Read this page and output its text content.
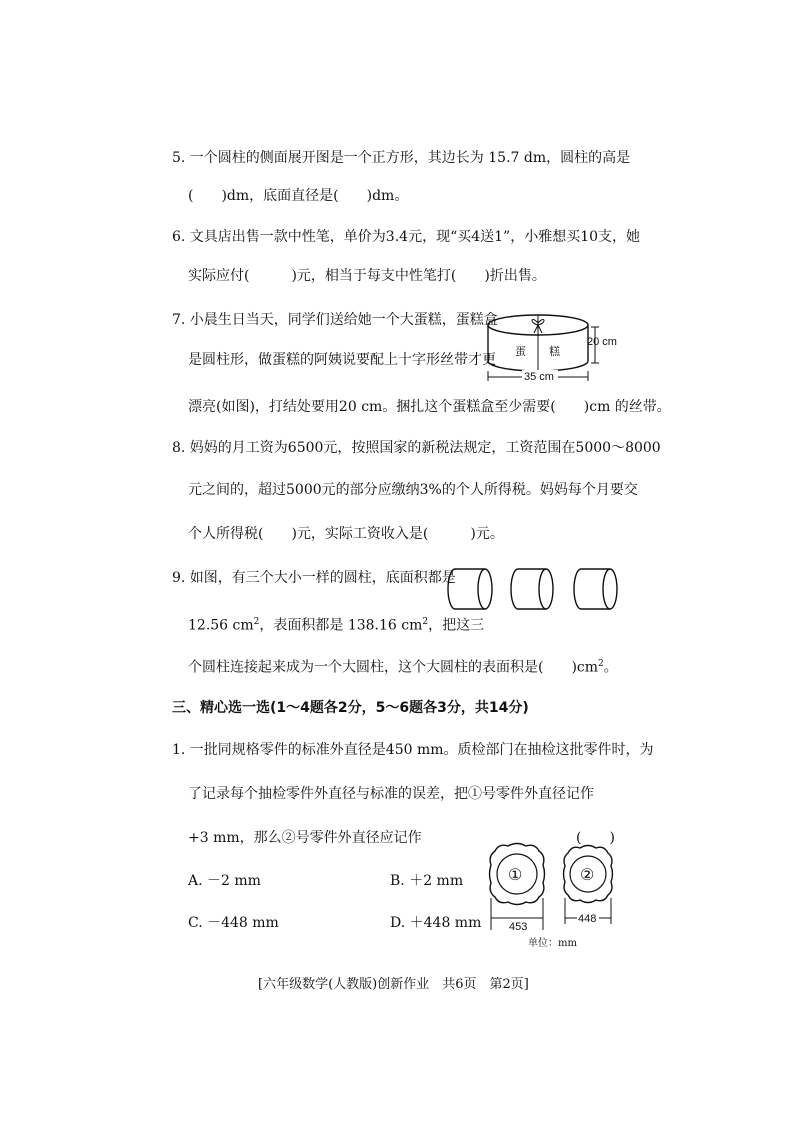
5. 一个圆柱的侧面展开图是一个正方形，其边长为 15.7 dm，圆柱的高是
(　　)dm，底面直径是(　　)dm。
6. 文具店出售一款中性笔，单价为3.4元，现“买4送1”，小雅想买10支，她
实际应付(　　　)元，相当于每支中性笔打(　　)折出售。
7. 小晨生日当天，同学们送给她一个大蛋糕，蛋糕盒
是圆柱形，做蛋糕的阿姨说要配上十字形丝带才更
漂亮(如图)，打结处要用20 cm。捆扎这个蛋糕盒至少需要(　　)cm 的丝带。
蛋 糕
20 cm
35 cm
8. 妈妈的月工资为6500元，按照国家的新税法规定，工资范围在5000～8000
元之间的，超过5000元的部分应缴纳3%的个人所得税。妈妈每个月要交
个人所得税(　　)元，实际工资收入是(　　　)元。
9. 如图，有三个大小一样的圆柱，底面积都是
12.56 $cm^2$，表面积都是 138.16 $cm^2$，把这三
个圆柱连接起来成为一个大圆柱，这个大圆柱的表面积是(　　)$cm^2$。
三、精心选一选(1～4题各2分，5～6题各3分，共14分)
1. 一批同规格零件的标准外直径是450 mm。质检部门在抽检这批零件时，为
了记录每个抽检零件外直径与标准的误差，把①号零件外直径记作
+3 mm，那么②号零件外直径应记作	(　　)
A. －2 mm	B. ＋2 mm
C. －448 mm	D. ＋448 mm
①	②
453
448
单位：mm
[六年级数学(人教版)创新作业　共6页　第2页]
